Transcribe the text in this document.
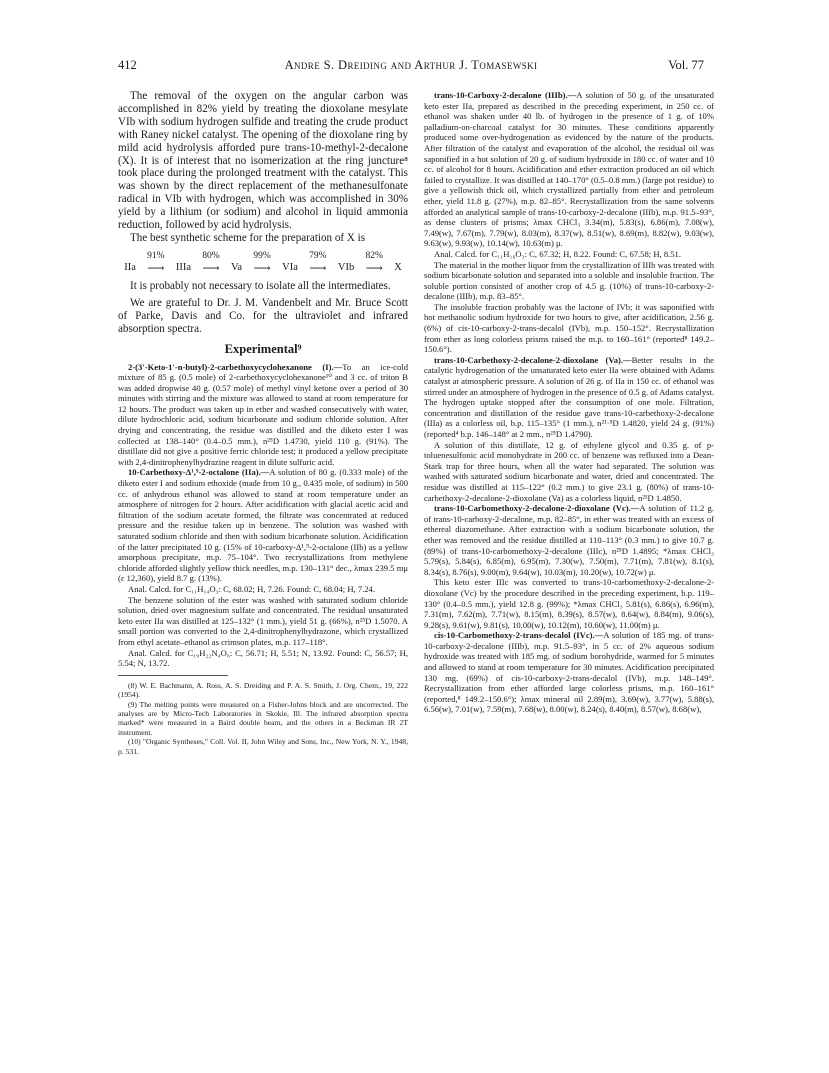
412	Andre S. Dreiding and Arthur J. Tomasewski	Vol. 77

The removal of the oxygen on the angular carbon was accomplished in 82% yield by treating the dioxolane mesylate VIb with sodium hydrogen sulfide and treating the crude product with Raney nickel catalyst. The opening of the dioxolane ring by mild acid hydrolysis afforded pure trans-10-methyl-2-decalone (X). It is of interest that no isomerization at the ring juncture⁸ took place during the prolonged treatment with the catalyst. This was shown by the direct replacement of the methanesulfonate radical in VIb with hydrogen, which was accomplished in 30% yield by a lithium (or sodium) and alcohol in liquid ammonia reduction, followed by acid hydrolysis.

The best synthetic scheme for the preparation of X is

IIa
91%
⟶ IIIa
80%
⟶ Va
99%
⟶ VIa
79%
⟶ VIb
82%
⟶ X

It is probably not necessary to isolate all the intermediates.

We are grateful to Dr. J. M. Vandenbelt and Mr. Bruce Scott of Parke, Davis and Co. for the ultraviolet and infrared absorption spectra.

Experimental⁹

2-(3′-Keto-1′-n-butyl)-2-carbethoxycyclohexanone (I).—To an ice-cold mixture of 85 g. (0.5 mole) of 2-carbethoxycyclohexanone¹⁰ and 3 cc. of triton B was added dropwise 40 g. (0.57 mole) of methyl vinyl ketone over a period of 30 minutes with stirring and the mixture was allowed to stand at room temperature for 12 hours. The product was taken up in ether and washed consecutively with water, dilute hydrochloric acid, sodium bicarbonate and sodium chloride solution. After drying and concentrating, the residue was distilled and the diketo ester I was collected at 138–140° (0.4–0.5 mm.), n²⁵D 1.4730, yield 110 g. (91%). The distillate did not give a positive ferric chloride test; it produced a yellow precipitate with 2,4-dinitrophenylhydrazine reagent in dilute sulfuric acid.

10-Carbethoxy-Δ¹,⁹-2-octalone (IIa).—A solution of 80 g. (0.333 mole) of the diketo ester I and sodium ethoxide (made from 10 g., 0.435 mole, of sodium) in 500 cc. of anhydrous ethanol was allowed to stand at room temperature under an atmosphere of nitrogen for 2 hours. After acidification with glacial acetic acid and filtration of the sodium acetate formed, the filtrate was concentrated at reduced pressure and the residue taken up in benzene. The solution was washed with saturated sodium chloride and then with sodium bicarbonate solution. Acidification of the latter precipitated 10 g. (15% of 10-carboxy-Δ¹,⁹-2-octalone (IIb) as a yellow amorphous precipitate, m.p. 75–104°. Two recrystallizations from methylene chloride afforded slightly yellow thick needles, m.p. 130–131° dec., λmax 239.5 mμ (ε 12,360), yield 8.7 g. (13%).

Anal. Calcd. for C₁₁H₁₄O₃: C, 68.02; H, 7.26. Found: C, 68.04; H, 7.24.

The benzene solution of the ester was washed with saturated sodium chloride solution, dried over magnesium sulfate and concentrated. The residual unsaturated keto ester IIa was distilled at 125–132° (1 mm.), yield 51 g. (66%), n²⁵D 1.5070. A small portion was converted to the 2,4-dinitrophenylhydrazone, which crystallized from ethyl acetate–ethanol as crimson plates, m.p. 117–118°.

Anal. Calcd. for C₁₉H₂₂N₄O₆: C, 56.71; H, 5.51; N, 13.92. Found: C, 56.57; H, 5.54; N, 13.72.

(8) W. E. Bachmann, A. Ross, A. S. Dreiding and P. A. S. Smith, J. Org. Chem., 19, 222 (1954).

(9) The melting points were measured on a Fisher-Johns block and are uncorrected. The analyses are by Micro-Tech Laboratories in Skokie, Ill. The infrared absorption spectra marked* were measured in a Baird double beam, and the others in a Beckman IR 2T instrument.

(10) "Organic Syntheses," Coll. Vol. II, John Wiley and Sons, Inc., New York, N. Y., 1948, p. 531.

trans-10-Carboxy-2-decalone (IIIb).—A solution of 50 g. of the unsaturated keto ester IIa, prepared as described in the preceding experiment, in 250 cc. of ethanol was shaken under 40 lb. of hydrogen in the presence of 1 g. of 10% palladium-on-charcoal catalyst for 30 minutes. These conditions apparently produced some over-hydrogenation as evidenced by the nature of the products. After filtration of the catalyst and evaporation of the alcohol, the residual oil was saponified in a hot solution of 20 g. of sodium hydroxide in 180 cc. of water and 10 cc. of alcohol for 8 hours. Acidification and ether extraction produced an oil which failed to crystallize. It was distilled at 140–170° (0.5–0.8 mm.) (large pot residue) to give a yellowish thick oil, which crystallized partially from ether and petroleum ether, yield 11.8 g. (27%), m.p. 82–85°. Recrystallization from the same solvents afforded an analytical sample of trans-10-carboxy-2-decalone (IIIb), m.p. 91.5–93°, as dense clusters of prisms; λmax CHCl₃ 3.34(m), 5.83(s), 6.86(m), 7.08(w), 7.49(w), 7.67(m), 7.79(w), 8.03(m), 8.37(w), 8.51(w), 8.69(m), 8.82(w), 9.03(w), 9.63(w), 9.93(w), 10.14(w), 10.63(m) μ.

Anal. Calcd. for C₁₁H₁₆O₃: C, 67.32; H, 8.22. Found: C, 67.58; H, 8.51.

The material in the mother liquor from the crystallization of IIIb was treated with sodium bicarbonate solution and separated into a soluble and insoluble fraction. The soluble portion consisted of another crop of 4.5 g. (10%) of trans-10-carboxy-2-decalone (IIIb), m.p. 83–85°.

The insoluble fraction probably was the lactone of IVb; it was saponified with hot methanolic sodium hydroxide for two hours to give, after acidification, 2.56 g. (6%) of cis-10-carboxy-2-trans-decalol (IVb), m.p. 150–152°. Recrystallization from ether as long colorless prisms raised the m.p. to 160–161° (reported⁸ 149.2–150.6°).

trans-10-Carbethoxy-2-decalone-2-dioxolane (Va).—Better results in the catalytic hydrogenation of the unsaturated keto ester IIa were obtained with Adams catalyst at atmospheric pressure. A solution of 26 g. of IIa in 150 cc. of ethanol was stirred under an atmosphere of hydrogen in the presence of 0.5 g. of Adams catalyst. The hydrogen uptake stopped after the consumption of one mole. Filtration, concentration and distillation of the residue gave trans-10-carbethoxy-2-decalone (IIIa) as a colorless oil, b.p. 115–135° (1 mm.), n²¹·⁵D 1.4820, yield 24 g. (91%) (reported⁴ b.p. 146–148° at 2 mm., n²⁵D 1.4790).

A solution of this distillate, 12 g. of ethylene glycol and 0.35 g. of p-toluenesulfonic acid monohydrate in 200 cc. of benzene was refluxed into a Dean-Stark trap for three hours, when all the water had separated. The solution was washed with saturated sodium bicarbonate and water, dried and concentrated. The residue was distilled at 115–122° (0.2 mm.) to give 23.1 g. (80%) of trans-10-carbethoxy-2-decalone-2-dioxolane (Va) as a colorless liquid, n²¹D 1.4850.

trans-10-Carbomethoxy-2-decalone-2-dioxolane (Vc).—A solution of 11.2 g. of trans-10-carboxy-2-decalone, m.p. 82–85°, in ether was treated with an excess of ethereal diazomethane. After extraction with a sodium bicarbonate solution, the ether was removed and the residue distilled at 110–113° (0.3 mm.) to give 10.7 g. (89%) of trans-10-carbomethoxy-2-decalone (IIIc), n²⁵D 1.4895; *λmax CHCl₃ 5.79(s), 5.84(s), 6.85(m), 6.95(m), 7.30(w), 7.50(m), 7.71(m), 7.81(w), 8.1(s), 8.34(s), 8.76(s), 9.00(m), 9.64(w), 10.03(m), 10.20(w), 10.72(w) μ.

This keto ester IIIc was converted to trans-10-carbomethoxy-2-decalone-2-dioxolane (Vc) by the procedure described in the preceding experiment, b.p. 119–130° (0.4–0.5 mm.), yield 12.8 g. (99%); *λmax CHCl₃ 5.81(s), 6.86(s), 6.96(m), 7.31(m), 7.62(m), 7.71(w), 8.15(m), 8.39(s), 8.57(w), 8.64(w), 8.84(m), 9.06(s), 9.28(s), 9.61(w), 9.81(s), 10.00(w), 10.12(m), 10.60(w), 11.00(m) μ.

cis-10-Carbomethoxy-2-trans-decalol (IVc).—A solution of 185 mg. of trans-10-carboxy-2-decalone (IIIb), m.p. 91.5–93°, in 5 cc. of 2% aqueous sodium hydroxide was treated with 185 mg. of sodium borohydride, warmed for 5 minutes and allowed to stand at room temperature for 30 minutes. Acidification precipitated 130 mg. (69%) of cis-10-carboxy-2-trans-decalol (IVb), m.p. 148–149°. Recrystallization from ether afforded large colorless prisms, m.p. 160–161° (reported,⁸ 149.2–150.6°); λmax mineral oil 2.89(m), 3.69(w), 3.77(w), 5.88(s), 6.56(w), 7.01(w), 7.59(m), 7.68(w), 8.00(w), 8.24(s), 8.40(m), 8.57(w), 8.68(w),
